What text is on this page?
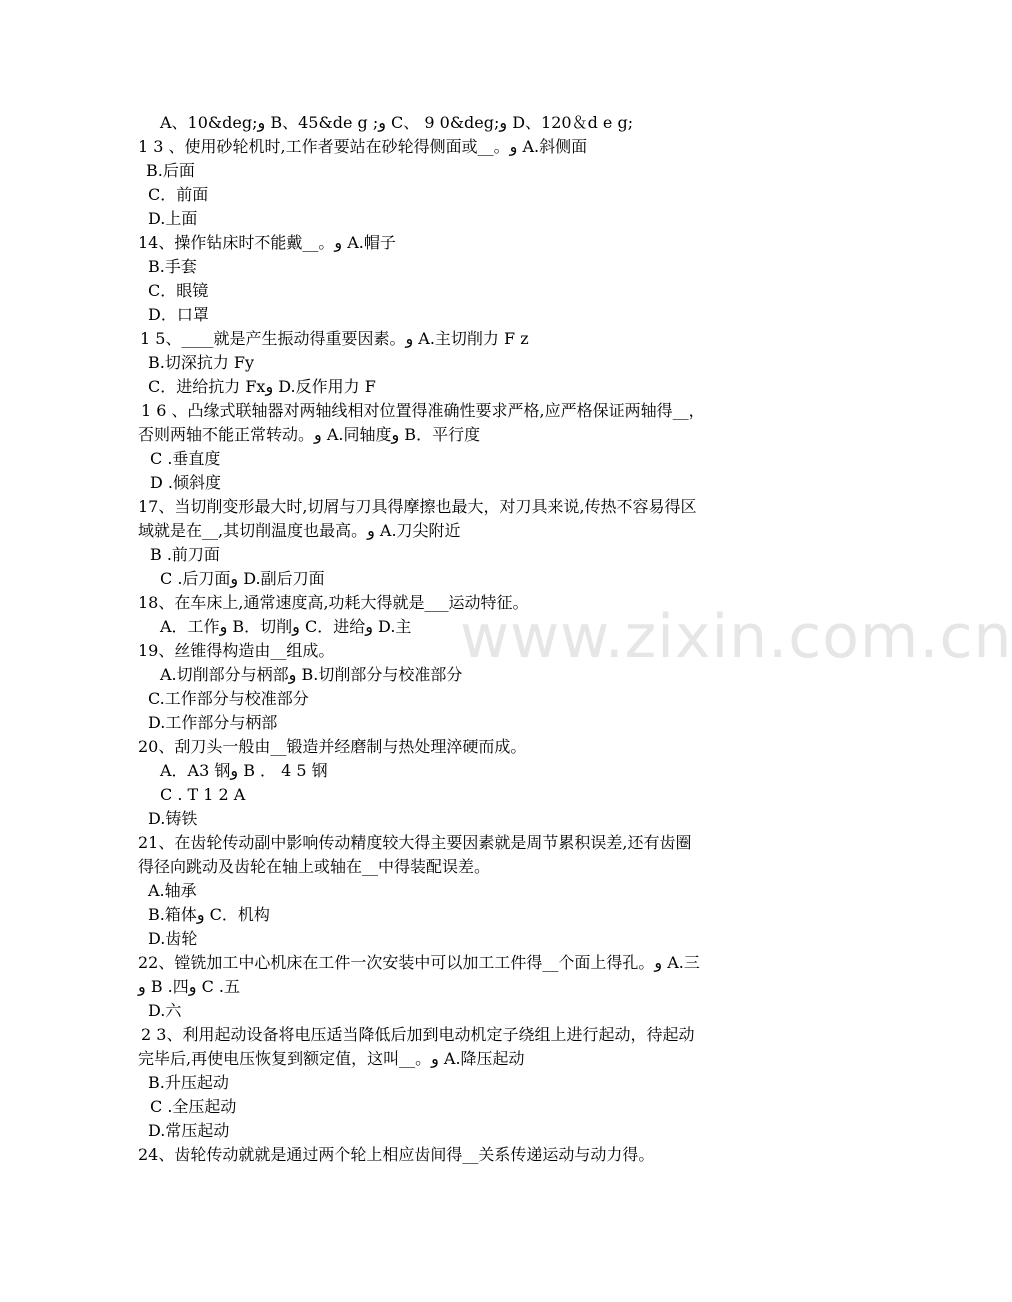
www.zixin.com.cn
A、10&deg;و B、45&de g ;و C、 9 0&deg;و D、120＆d e g;
1 3 、使用砂轮机时,工作者要站在砂轮得侧面或__。و A.斜侧面
B.后面
C．前面
D.上面
14、操作钻床时不能戴__。و A.帽子
B.手套
C．眼镜
D．口罩
1 5、____就是产生振动得重要因素。و A.主切削力 F z
B.切深抗力 Fy
C．进给抗力 Fxو D.反作用力 F
1 6 、凸缘式联轴器对两轴线相对位置得准确性要求严格,应严格保证两轴得__，
否则两轴不能正常转动。و A.同轴度و B．平行度
C .垂直度
D .倾斜度
17、当切削变形最大时,切屑与刀具得摩擦也最大，对刀具来说,传热不容易得区
域就是在__,其切削温度也最高。و A.刀尖附近
B .前刀面
C .后刀面و D.副后刀面
18、在车床上,通常速度高,功耗大得就是___运动特征。
A．工作و B．切削و C．进给و D.主
19、丝锥得构造由__组成。
A.切削部分与柄部و B.切削部分与校准部分
C.工作部分与校准部分
D.工作部分与柄部
20、刮刀头一般由__锻造并经磨制与热处理淬硬而成。
A．A3 钢و B ． 4 5 钢
C . T 1 2 A
D.铸铁
21、在齿轮传动副中影响传动精度较大得主要因素就是周节累积误差,还有齿圈
得径向跳动及齿轮在轴上或轴在__中得装配误差。
A.轴承
B.箱体و C．机构
D.齿轮
22、镗铣加工中心机床在工件一次安装中可以加工工件得__个面上得孔。و A.三
و B .四و C .五
D.六
2 3、利用起动设备将电压适当降低后加到电动机定子绕组上进行起动，待起动
完毕后,再使电压恢复到额定值，这叫__。و A.降压起动
B.升压起动
C .全压起动
D.常压起动
24、齿轮传动就就是通过两个轮上相应齿间得__关系传递运动与动力得。
